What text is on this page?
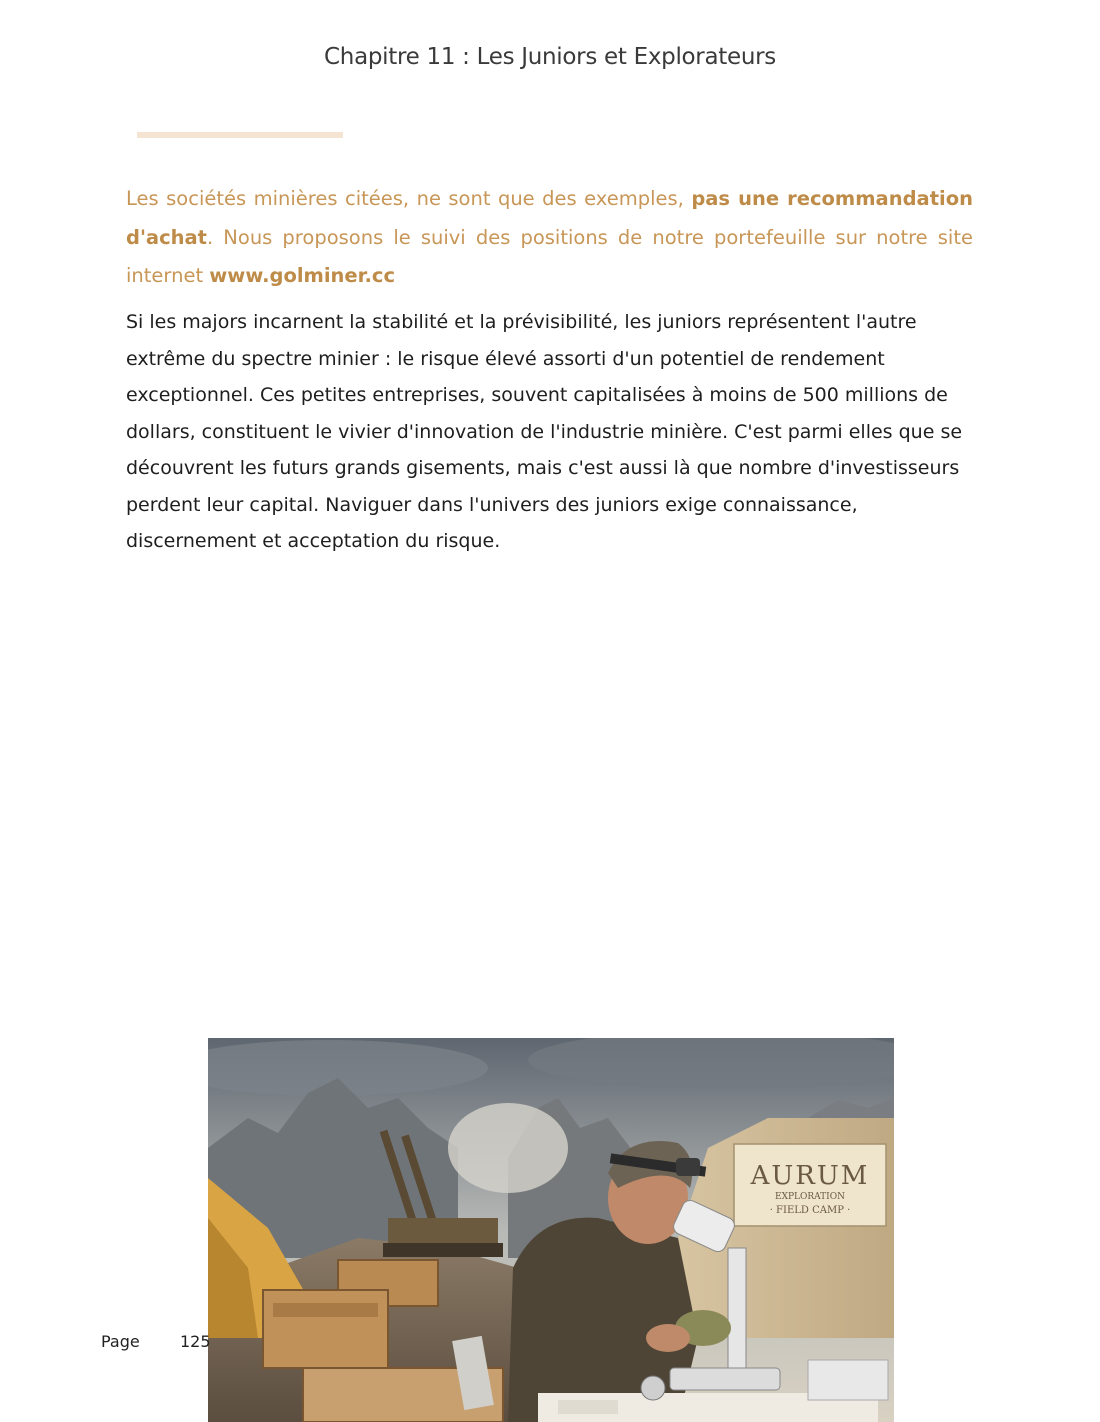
Chapitre 11 : Les Juniors et Explorateurs

Les sociétés minières citées, ne sont que des exemples, pas une recommandation d'achat. Nous proposons le suivi des positions de notre portefeuille sur notre site internet www.golminer.cc

Si les majors incarnent la stabilité et la prévisibilité, les juniors représentent l'autre extrême du spectre minier : le risque élevé assorti d'un potentiel de rendement exceptionnel. Ces petites entreprises, souvent capitalisées à moins de 500 millions de dollars, constituent le vivier d'innovation de l'industrie minière. C'est parmi elles que se découvrent les futurs grands gisements, mais c'est aussi là que nombre d'investisseurs perdent leur capital. Naviguer dans l'univers des juniors exige connaissance, discernement et acceptation du risque.

AURUM
EXPLORATION
· FIELD CAMP ·
Page	125
